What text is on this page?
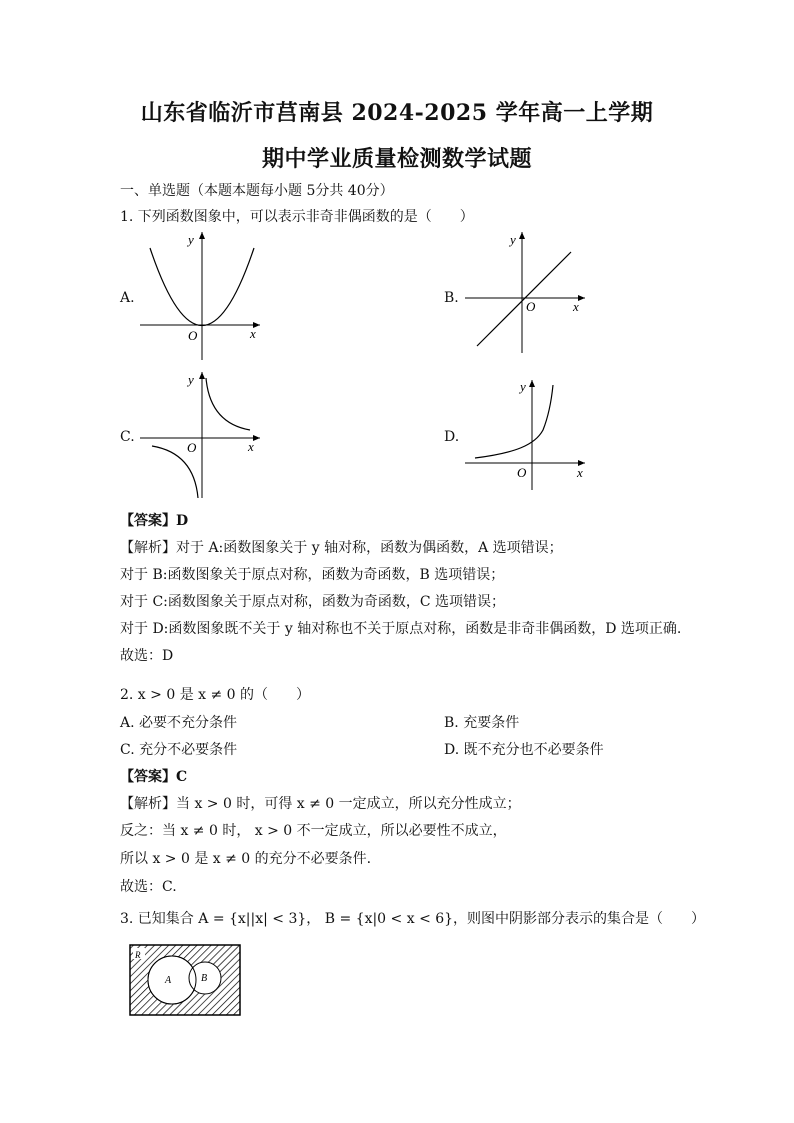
山东省临沂市莒南县 2024-2025 学年高一上学期
期中学业质量检测数学试题
一、单选题（本题本题每小题 5分共 40分）
1. 下列函数图象中，可以表示非奇非偶函数的是（　　）
A.
y
x
O
B.
y
x
O
C.
y
x
O
D.
y
x
O
【答案】D
【解析】对于 A:函数图象关于 y 轴对称，函数为偶函数，A 选项错误；
对于 B:函数图象关于原点对称，函数为奇函数，B 选项错误；
对于 C:函数图象关于原点对称，函数为奇函数，C 选项错误；
对于 D:函数图象既不关于 y 轴对称也不关于原点对称，函数是非奇非偶函数，D 选项正确.
故选：D
2. x > 0 是 x ≠ 0 的（　　）
A. 必要不充分条件	B. 充要条件
C. 充分不必要条件	D. 既不充分也不必要条件
【答案】C
【解析】当 x > 0 时，可得 x ≠ 0 一定成立，所以充分性成立；
反之：当 x ≠ 0 时， x > 0 不一定成立，所以必要性不成立，
所以 x > 0 是 x ≠ 0 的充分不必要条件.
故选：C.
3. 已知集合 A = {x||x| < 3}， B = {x|0 < x < 6}，则图中阴影部分表示的集合是（　　）
R
A	B
